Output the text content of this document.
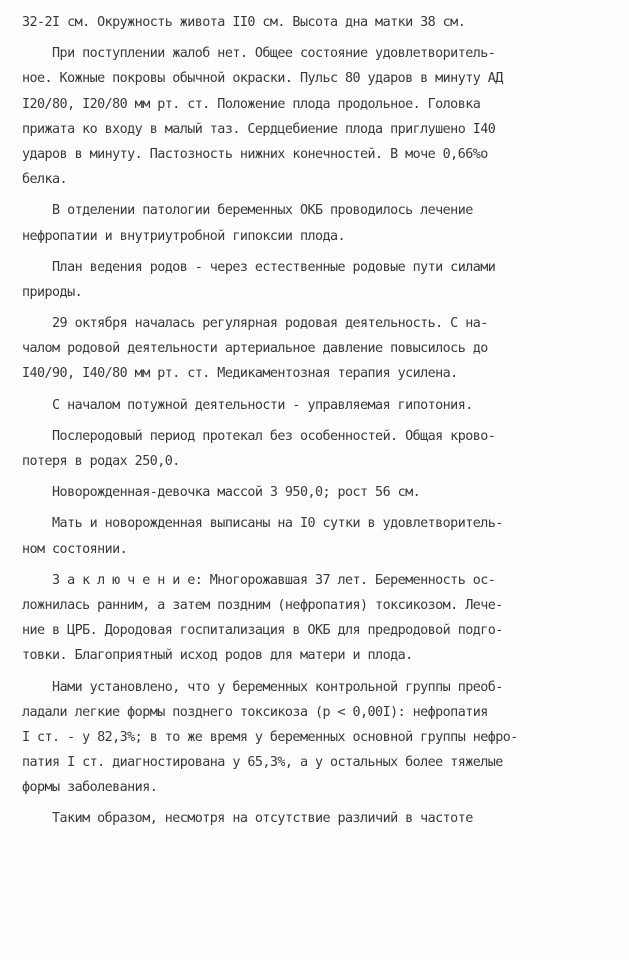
32-2I см. Окружность живота II0 см. Высота дна матки 38 см.
При поступлении жалоб нет. Общее состояние удовлетворитель-
ное. Кожные покровы обычной окраски. Пульс 80 ударов в минуту АД
I20/80, I20/80 мм рт. ст. Положение плода продольное. Головка
прижата ко входу в малый таз. Сердцебиение плода приглушено I40
ударов в минуту. Пастозность нижних конечностей. В моче 0,66%о
белка.
В отделении патологии беременных ОКБ проводилось лечение
нефропатии и внутриутробной гипоксии плода.
План ведения родов - через естественные родовые пути силами
природы.
29 октября началась регулярная родовая деятельность. С на-
чалом родовой деятельности артериальное давление повысилось до
I40/90, I40/80 мм рт. ст. Медикаментозная терапия усилена.
С началом потужной деятельности - управляемая гипотония.
Послеродовый период протекал без особенностей. Общая крово-
потеря в родах 250,0.
Новорожденная-девочка массой 3 950,0; рост 56 см.
Мать и новорожденная выписаны на I0 сутки в удовлетворитель-
ном состоянии.
З а к л ю ч е н и е: Многорожавшая 37 лет. Беременность ос-
ложнилась ранним, а затем поздним (нефропатия) токсикозом. Лече-
ние в ЦРБ. Дородовая госпитализация в ОКБ для предродовой подго-
товки. Благоприятный исход родов для матери и плода.
Нами установлено, что у беременных контрольной группы преоб-
ладали легкие формы позднего токсикоза (р < 0,00I): нефропатия
I ст. - у 82,3%; в то же время у беременных основной группы нефро-
патия I ст. диагностирована у 65,3%, а у остальных более тяжелые
формы заболевания.
Таким образом, несмотря на отсутствие различий в частоте
